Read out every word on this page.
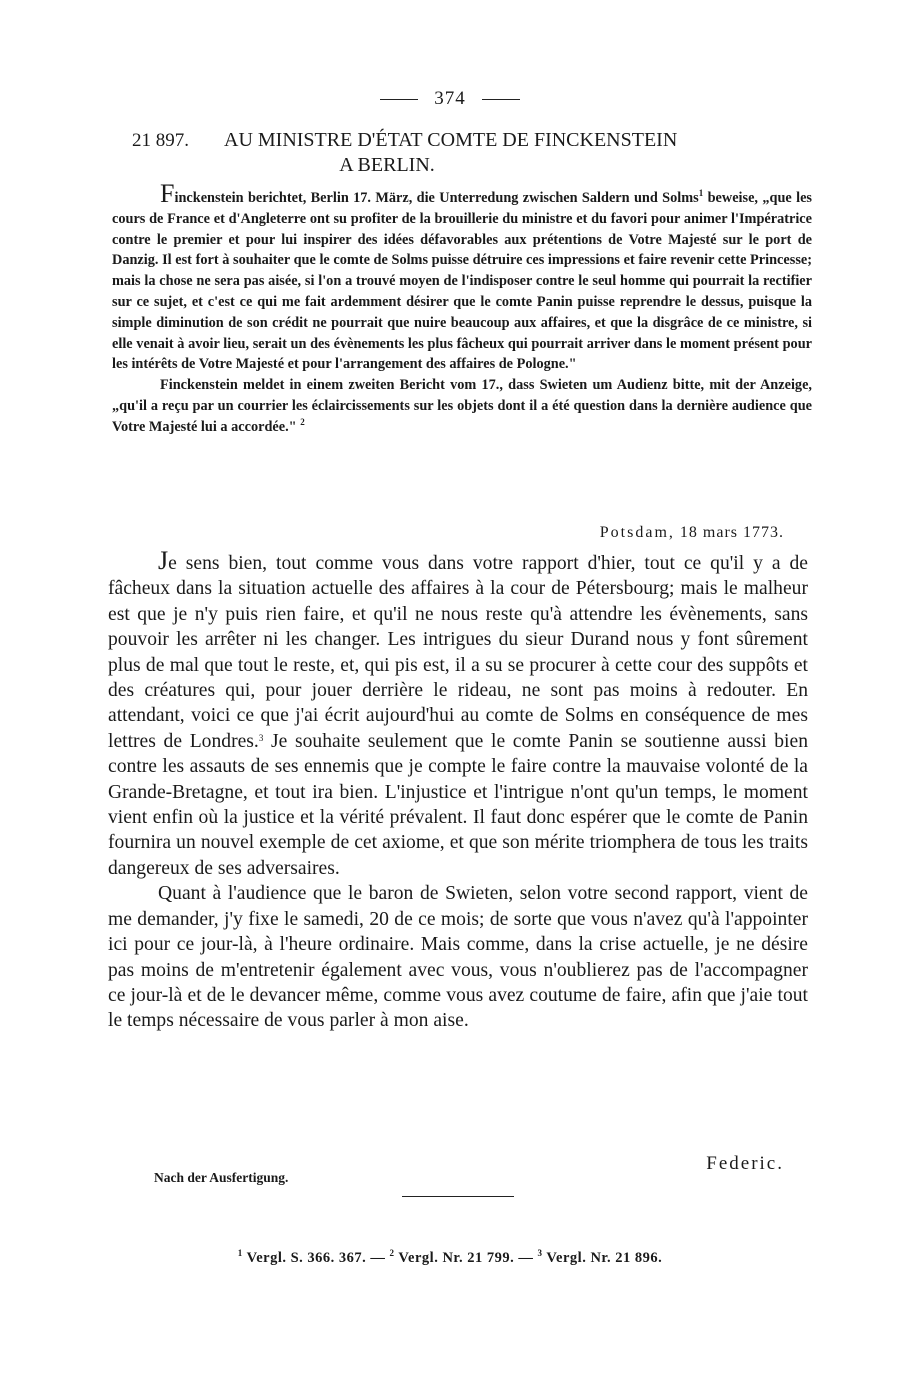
374
21 897. AU MINISTRE D'ÉTAT COMTE DE FINCKENSTEIN
A BERLIN.

Finckenstein berichtet, Berlin 17. März, die Unterredung zwischen Saldern und Solms$^1$ beweise, „que les cours de France et d'Angleterre ont su profiter de la brouillerie du ministre et du favori pour animer l'Impératrice contre le premier et pour lui inspirer des idées défavorables aux prétentions de Votre Majesté sur le port de Danzig. Il est fort à souhaiter que le comte de Solms puisse détruire ces impressions et faire revenir cette Princesse; mais la chose ne sera pas aisée, si l'on a trouvé moyen de l'indisposer contre le seul homme qui pourrait la rectifier sur ce sujet, et c'est ce qui me fait ardemment désirer que le comte Panin puisse reprendre le dessus, puisque la simple diminution de son crédit ne pourrait que nuire beaucoup aux affaires, et que la disgrâce de ce ministre, si elle venait à avoir lieu, serait un des évènements les plus fâcheux qui pourrait arriver dans le moment présent pour les intérêts de Votre Majesté et pour l'arrangement des affaires de Pologne."

Finckenstein meldet in einem zweiten Bericht vom 17., dass Swieten um Audienz bitte, mit der Anzeige, „qu'il a reçu par un courrier les éclaircissements sur les objets dont il a été question dans la dernière audience que Votre Majesté lui a accordée." $^2$

Potsdam, 18 mars 1773.

Je sens bien, tout comme vous dans votre rapport d'hier, tout ce qu'il y a de fâcheux dans la situation actuelle des affaires à la cour de Pétersbourg; mais le malheur est que je n'y puis rien faire, et qu'il ne nous reste qu'à attendre les évènements, sans pouvoir les arrêter ni les changer. Les intrigues du sieur Durand nous y font sûrement plus de mal que tout le reste, et, qui pis est, il a su se procurer à cette cour des suppôts et des créatures qui, pour jouer derrière le rideau, ne sont pas moins à redouter. En attendant, voici ce que j'ai écrit aujourd'hui au comte de Solms en conséquence de mes lettres de Londres.$^3$ Je souhaite seulement que le comte Panin se soutienne aussi bien contre les assauts de ses ennemis que je compte le faire contre la mauvaise volonté de la Grande-Bretagne, et tout ira bien. L'injustice et l'intrigue n'ont qu'un temps, le moment vient enfin où la justice et la vérité prévalent. Il faut donc espérer que le comte de Panin fournira un nouvel exemple de cet axiome, et que son mérite triomphera de tous les traits dangereux de ses adversaires.

Quant à l'audience que le baron de Swieten, selon votre second rapport, vient de me demander, j'y fixe le samedi, 20 de ce mois; de sorte que vous n'avez qu'à l'appointer ici pour ce jour-là, à l'heure ordinaire. Mais comme, dans la crise actuelle, je ne désire pas moins de m'entretenir également avec vous, vous n'oublierez pas de l'accompagner ce jour-là et de le devancer même, comme vous avez coutume de faire, afin que j'aie tout le temps nécessaire de vous parler à mon aise.

Federic.
Nach der Ausfertigung.
$^1$ Vergl. S. 366. 367. — $^2$ Vergl. Nr. 21 799. — $^3$ Vergl. Nr. 21 896.
